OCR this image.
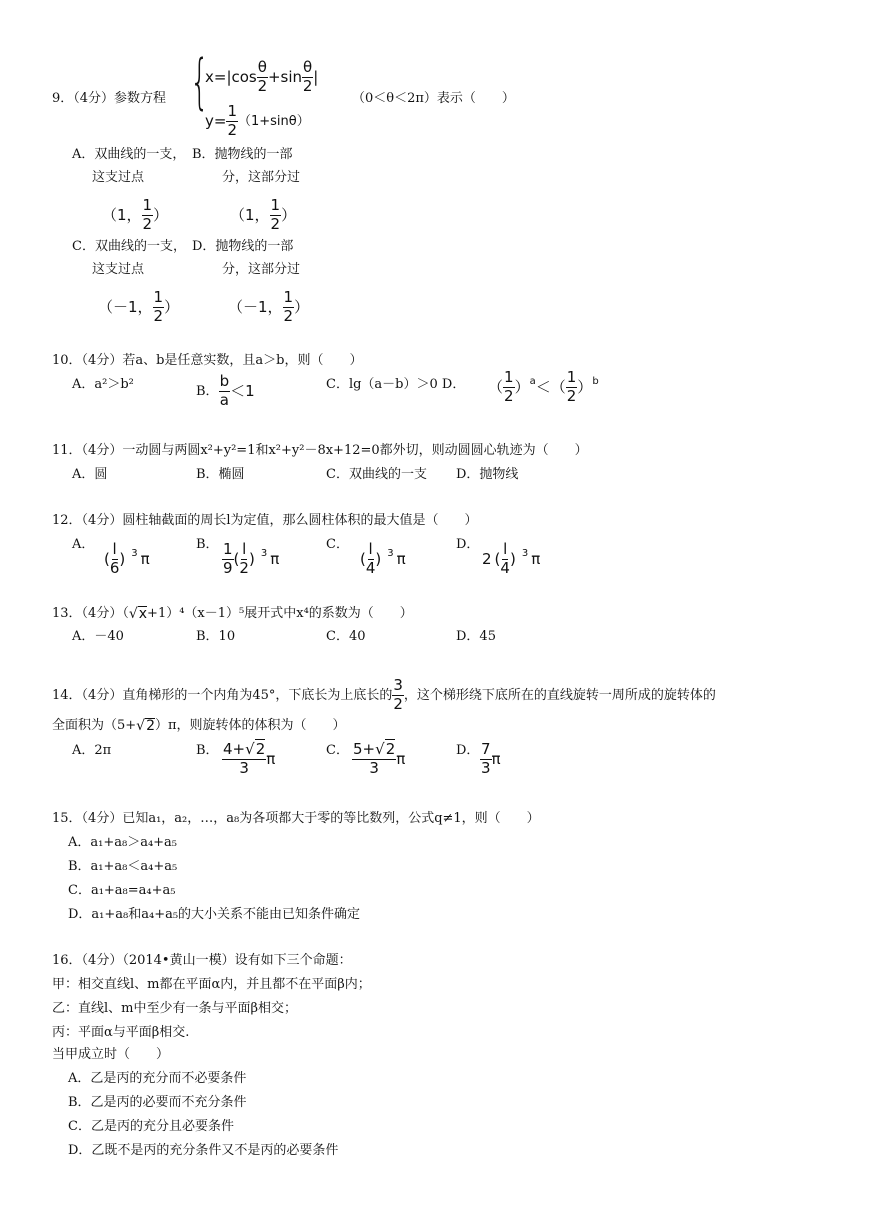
9．（4分）参数方程 {
$x=|\cos \frac{\theta}{2} +\sin \frac{\theta}{2}$ |
$y= \frac{1}{2} (1+\sin\theta)$
（0＜θ＜2π）表示（　　）
A．双曲线的一支， B．抛物线的一部
这支过点	分，这部分过
（1， $\frac{1}{2}$ ）	（1， $\frac{1}{2}$ ）
C．双曲线的一支， D．抛物线的一部
这支过点	分，这部分过
（－1， $\frac{1}{2}$ ）	（－1， $\frac{1}{2}$ ）
10．（4分）若a、b是任意实数，且a＞b，则（　　）
A．a²＞b²	B． $\frac{b}{a} <1$	C．lg（a－b）＞0 D． （ $\frac{1}{2}$ ） a ＜ （ $\frac{1}{2}$ ） b
11．（4分）一动圆与两圆x²+y²=1和x²+y²－8x+12=0都外切，则动圆圆心轨迹为（　　）
A．圆	B．椭圆	C．双曲线的一支 D．抛物线
12．（4分）圆柱轴截面的周长l为定值，那么圆柱体积的最大值是（　　）
A．
( $\frac{l}{6}$ ) 3 π
B． $\frac{1}{9}$ ( $\frac{l}{2}$ ) 3 π
C．
( $\frac{l}{4}$ ) 3 π
D．
2 ( $\frac{l}{4}$ ) 3 π
13．（4分）（ √ x +1）⁴（x－1）⁵展开式中x⁴的系数为（　　）
A．－40	B．10	C．40	D．45
14．（4分）直角梯形的一个内角为45°，下底长为上底长的 $\frac{3}{2}$ ，这个梯形绕下底所在的直线旋转一周所成的旋转体的
全面积为（5+ √ 2 ）π，则旋转体的体积为（　　）
A．2π	B． $\frac{4+√2}{3}$ π	C． $\frac{5+√2}{3}$ π	D． $\frac{7}{3}$ π
15．（4分）已知a₁，a₂，…，a₈为各项都大于零的等比数列，公式q≠1，则（　　）
A．a₁+a₈＞a₄+a₅
B．a₁+a₈＜a₄+a₅
C．a₁+a₈=a₄+a₅
D．a₁+a₈和a₄+a₅的大小关系不能由已知条件确定
16．（4分）（2014•黄山一模）设有如下三个命题：
甲：相交直线l、m都在平面α内，并且都不在平面β内；
乙：直线l、m中至少有一条与平面β相交；
丙：平面α与平面β相交.
当甲成立时（　　）
A．乙是丙的充分而不必要条件
B．乙是丙的必要而不充分条件
C．乙是丙的充分且必要条件
D．乙既不是丙的充分条件又不是丙的必要条件
